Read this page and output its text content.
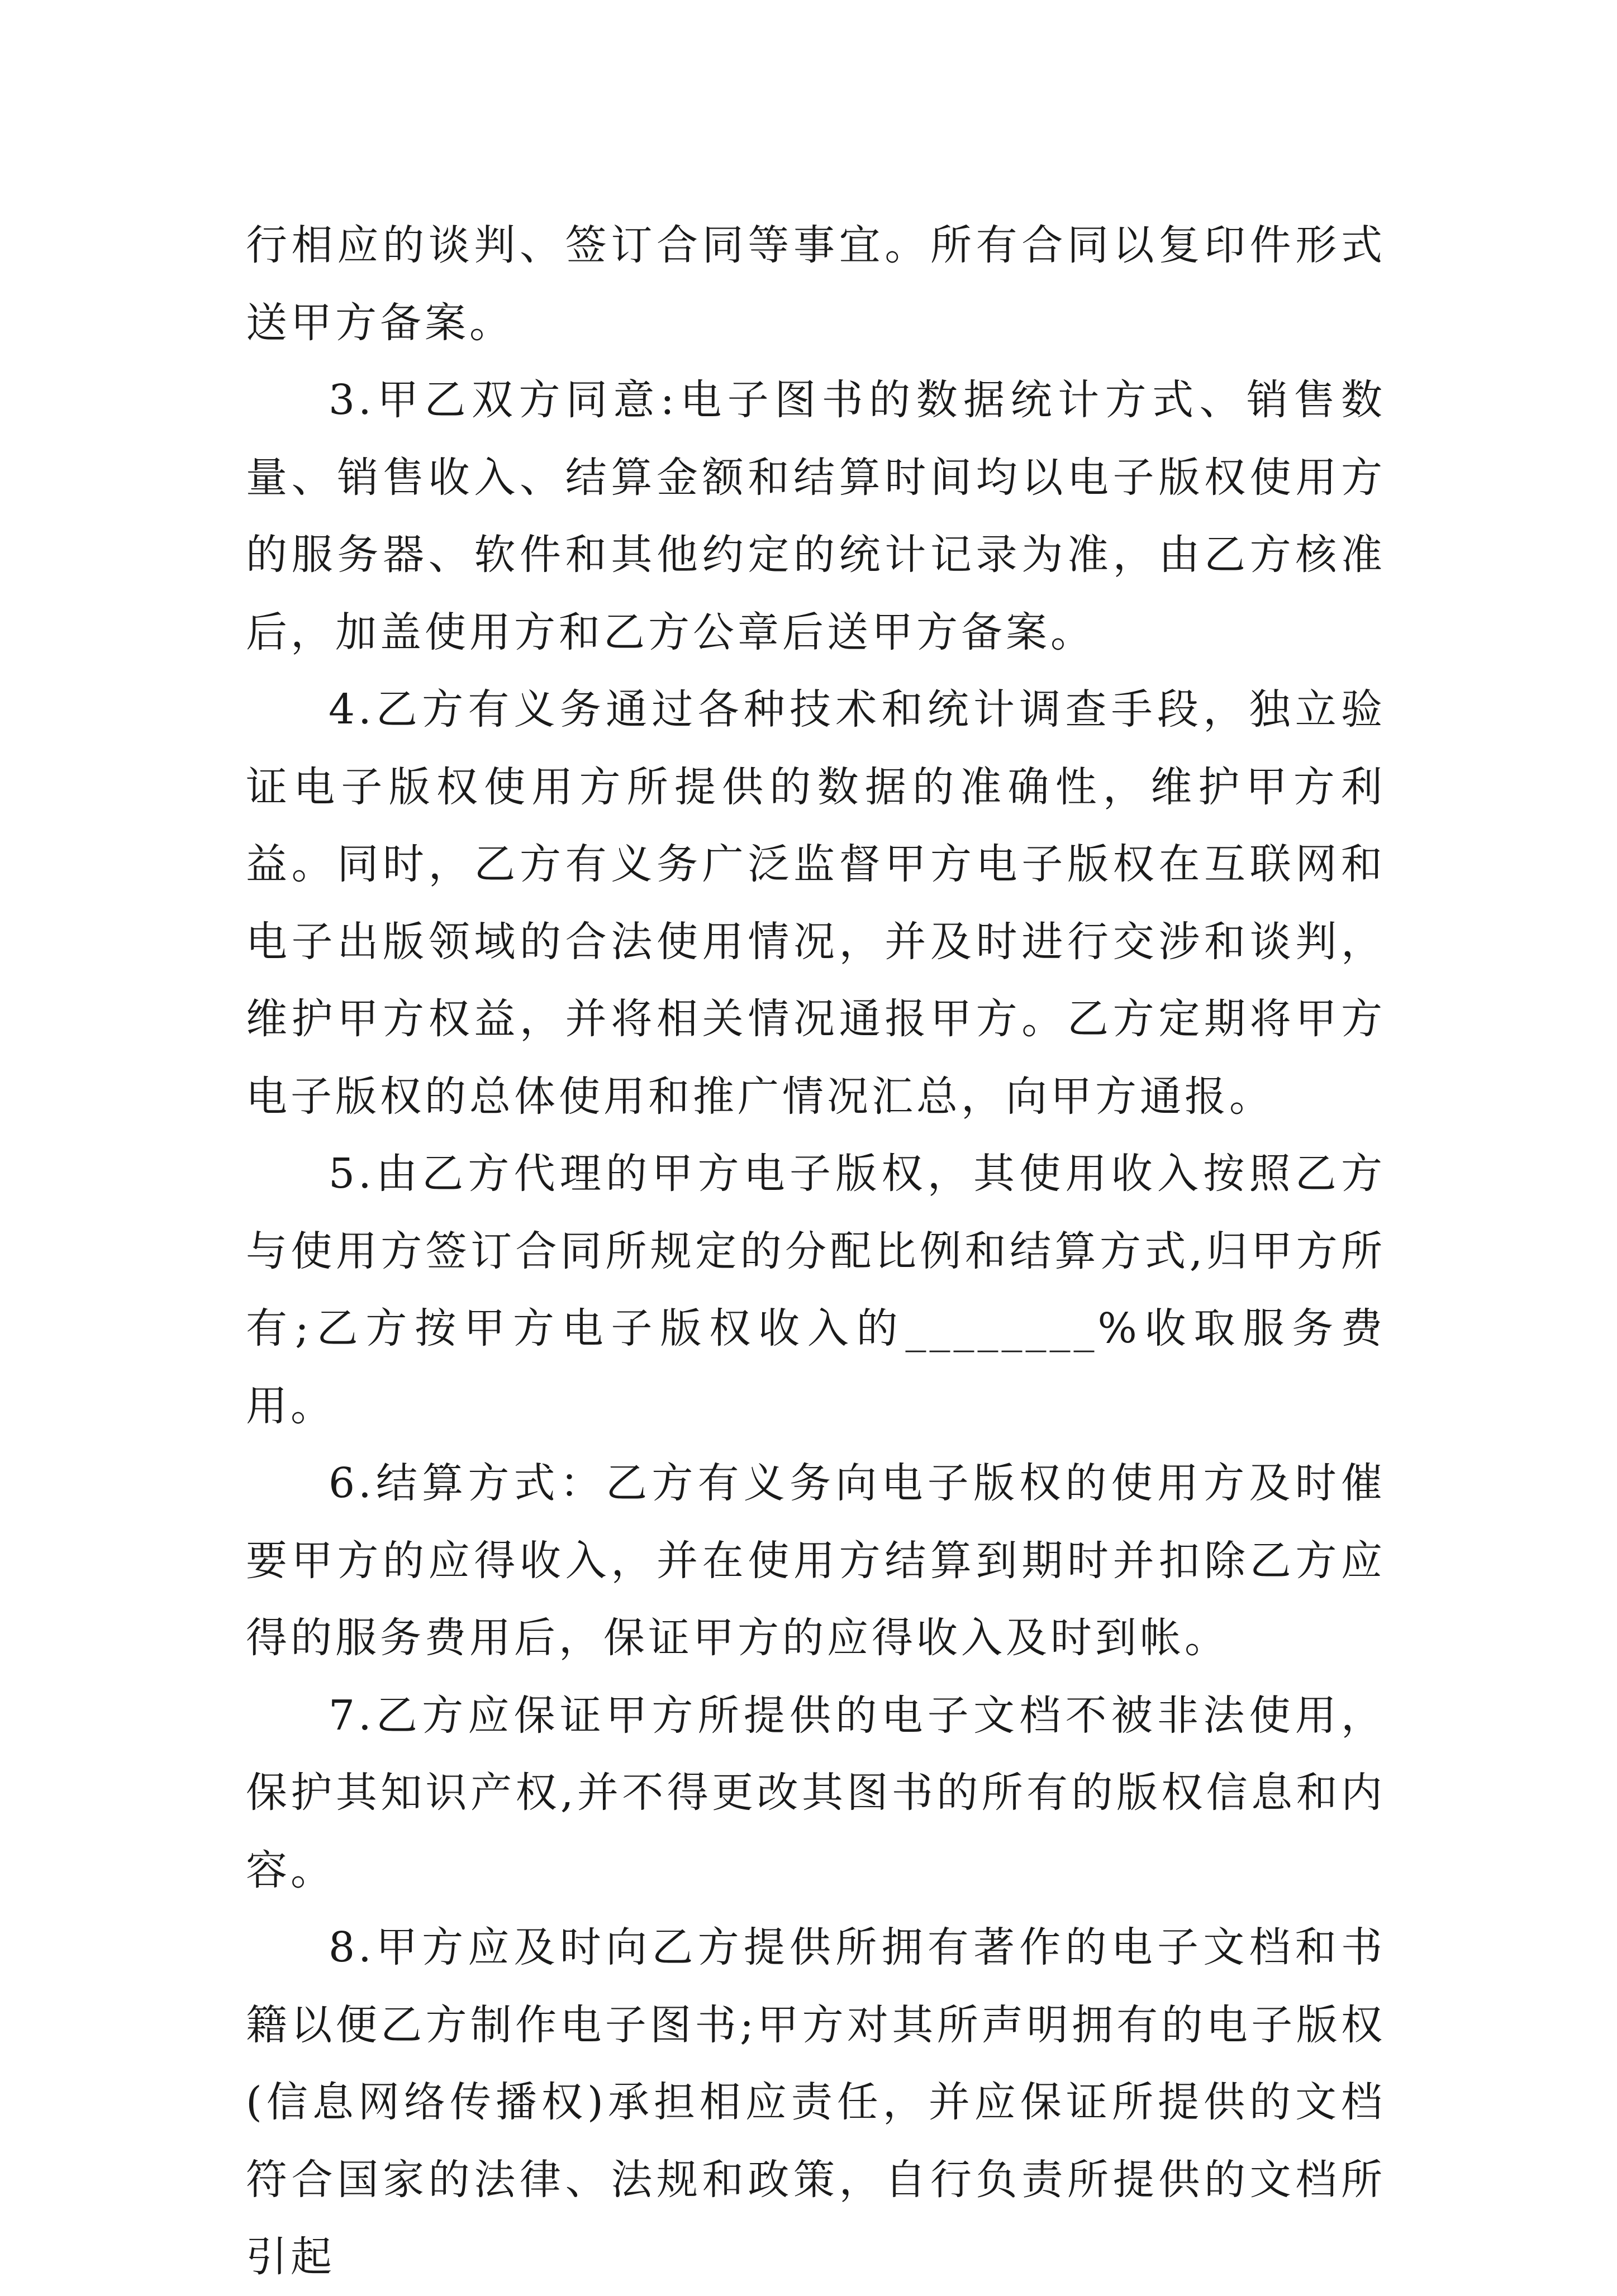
行相应的谈判、签订合同等事宜。所有合同以复印件形式送甲方备案。

3.甲乙双方同意:电子图书的数据统计方式、销售数量、销售收入、结算金额和结算时间均以电子版权使用方的服务器、软件和其他约定的统计记录为准，由乙方核准后，加盖使用方和乙方公章后送甲方备案。

4.乙方有义务通过各种技术和统计调查手段，独立验证电子版权使用方所提供的数据的准确性，维护甲方利益。同时，乙方有义务广泛监督甲方电子版权在互联网和电子出版领域的合法使用情况，并及时进行交涉和谈判，维护甲方权益，并将相关情况通报甲方。乙方定期将甲方电子版权的总体使用和推广情况汇总，向甲方通报。

5.由乙方代理的甲方电子版权，其使用收入按照乙方与使用方签订合同所规定的分配比例和结算方式,归甲方所有;乙方按甲方电子版权收入的________%收取服务费用。

6.结算方式：乙方有义务向电子版权的使用方及时催要甲方的应得收入，并在使用方结算到期时并扣除乙方应得的服务费用后，保证甲方的应得收入及时到帐。

7.乙方应保证甲方所提供的电子文档不被非法使用，保护其知识产权,并不得更改其图书的所有的版权信息和内容。

8.甲方应及时向乙方提供所拥有著作的电子文档和书籍以便乙方制作电子图书;甲方对其所声明拥有的电子版权(信息网络传播权)承担相应责任，并应保证所提供的文档符合国家的法律、法规和政策，自行负责所提供的文档所引起
